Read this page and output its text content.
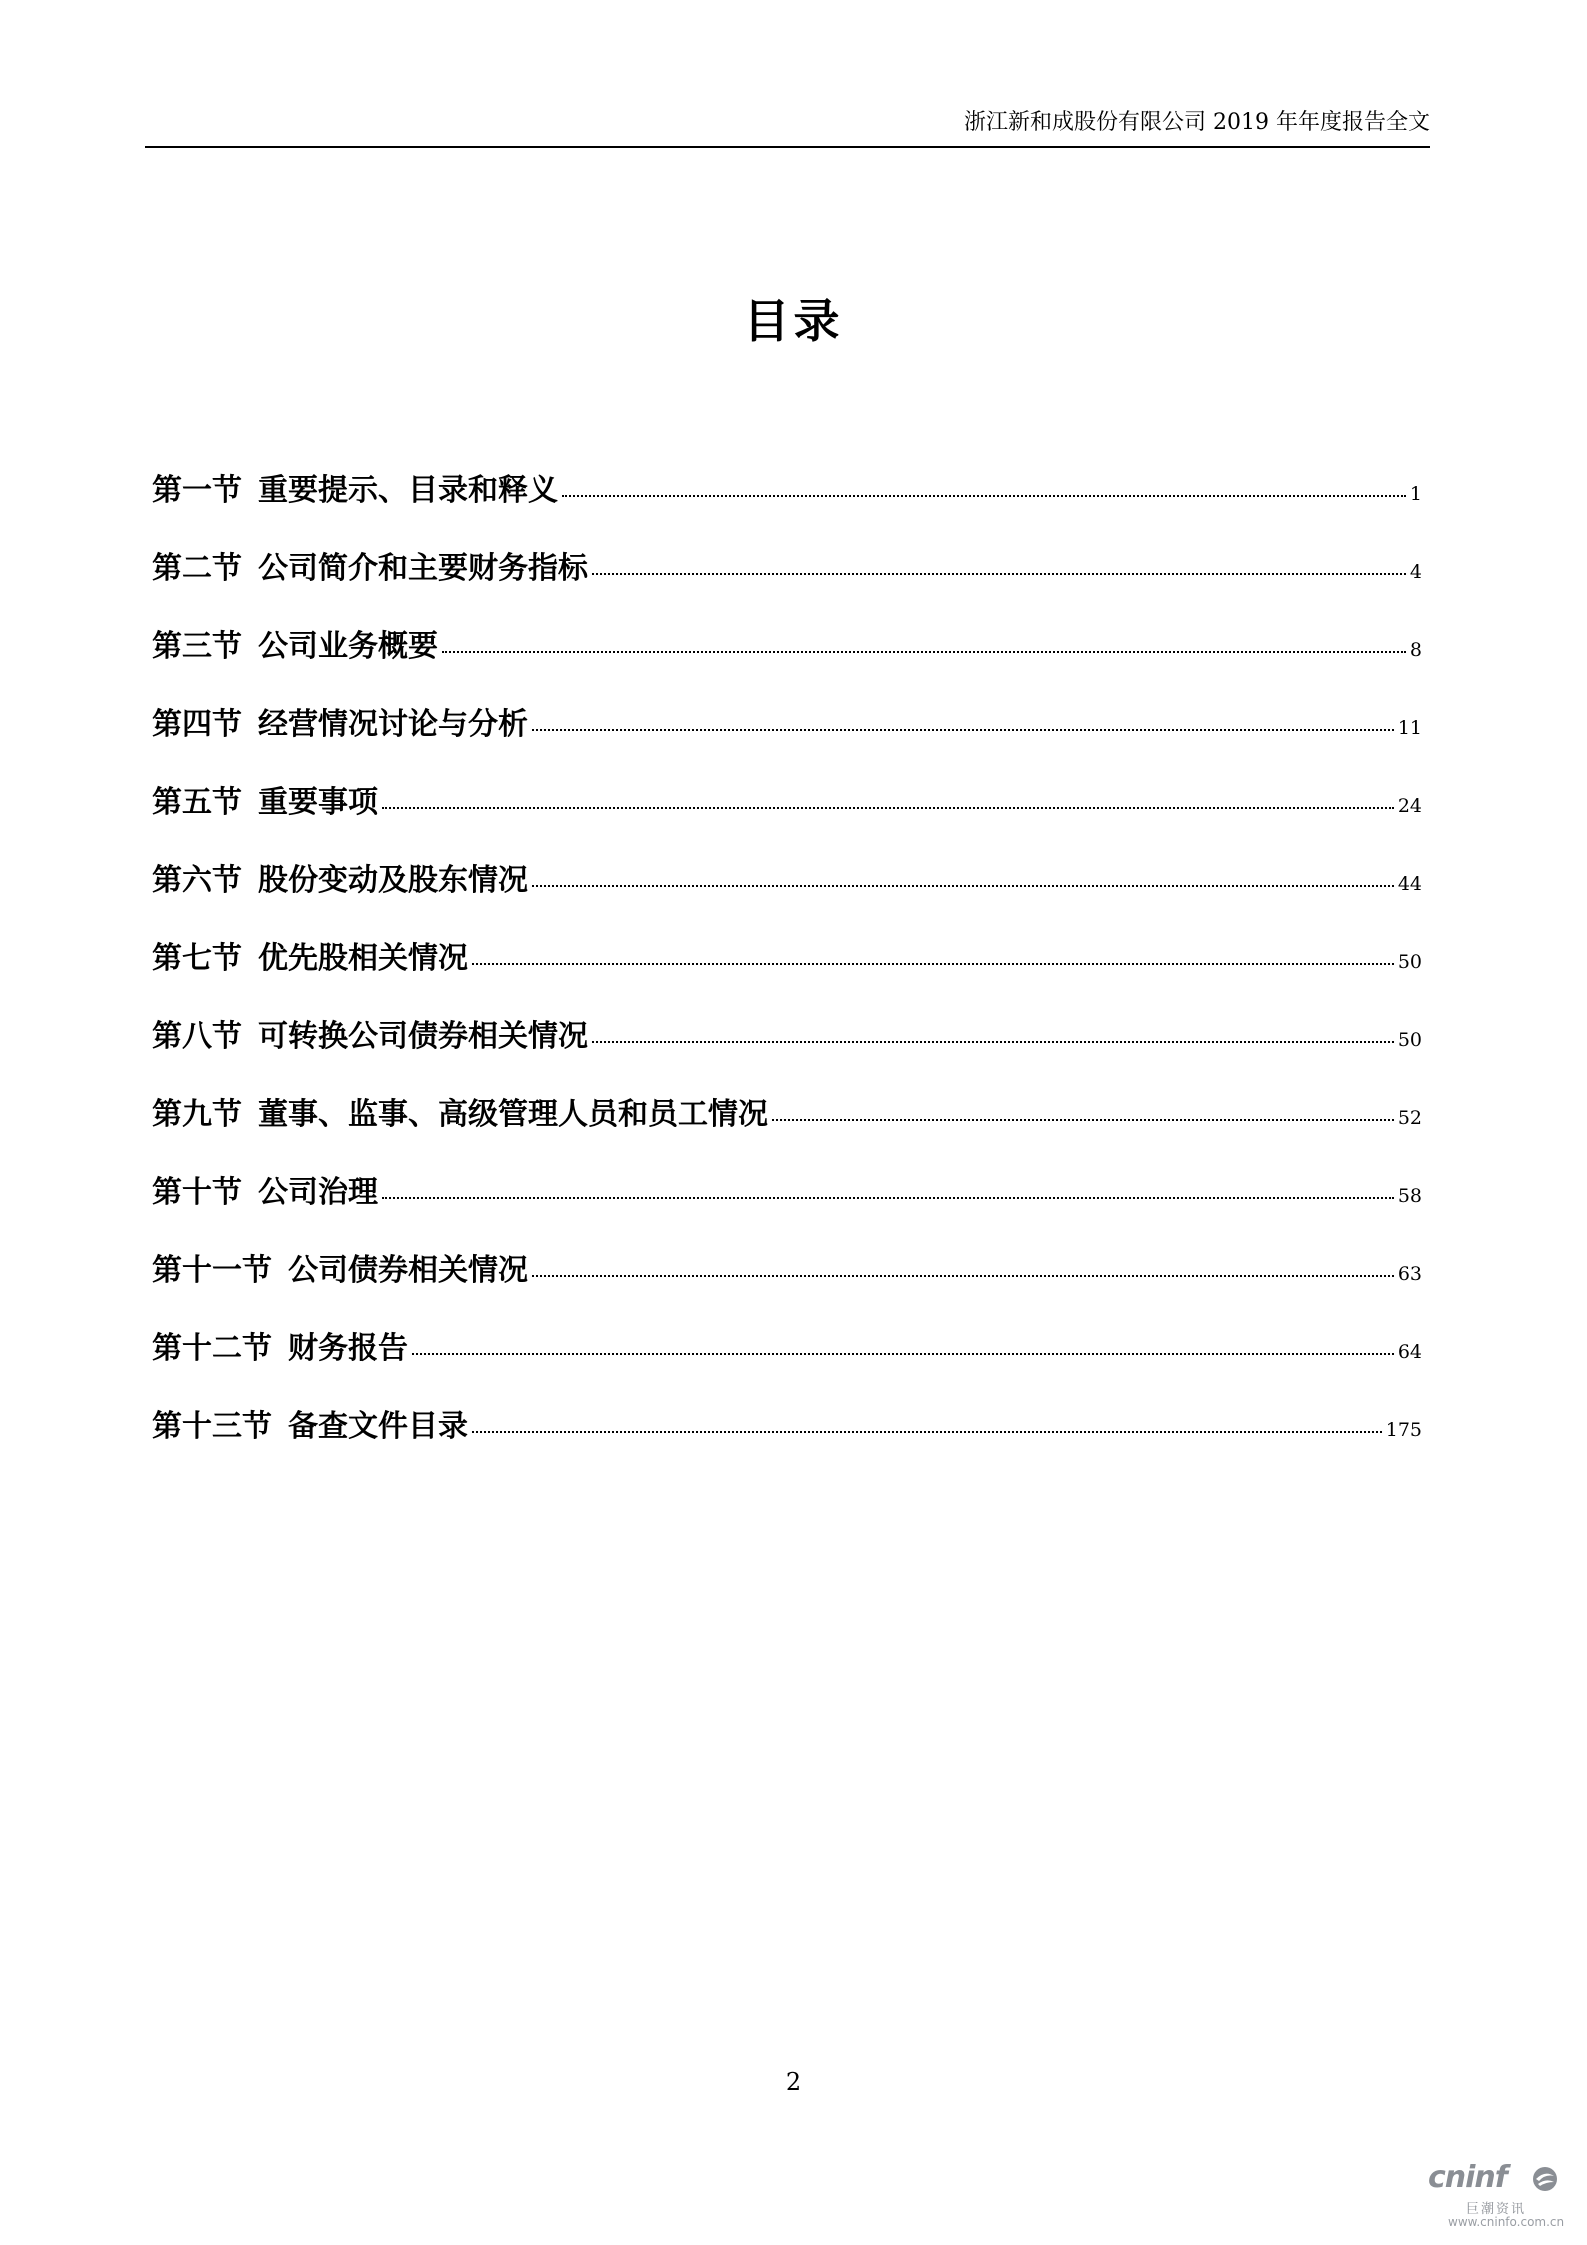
浙江新和成股份有限公司 2019 年年度报告全文
目录
第一节 重要提示、目录和释义	1
第二节 公司简介和主要财务指标	4
第三节 公司业务概要	8
第四节 经营情况讨论与分析	11
第五节 重要事项	24
第六节 股份变动及股东情况	44
第七节 优先股相关情况	50
第八节 可转换公司债券相关情况	50
第九节 董事、监事、高级管理人员和员工情况	52
第十节 公司治理	58
第十一节 公司债券相关情况	63
第十二节 财务报告	64
第十三节 备查文件目录	175
2
cninf
巨潮资讯
www.cninfo.com.cn
